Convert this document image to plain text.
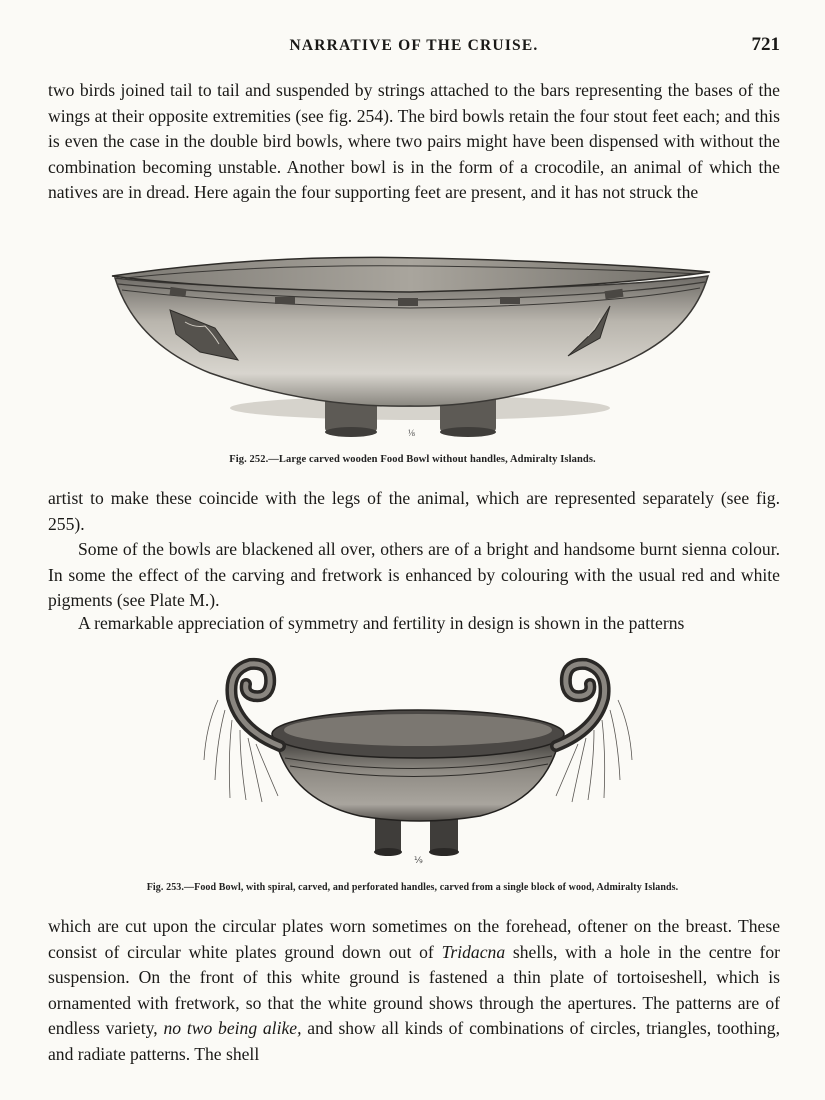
NARRATIVE OF THE CRUISE.	721

two birds joined tail to tail and suspended by strings attached to the bars representing the bases of the wings at their opposite extremities (see fig. 254). The bird bowls retain the four stout feet each; and this is even the case in the double bird bowls, where two pairs might have been dispensed with without the combination becoming unstable. Another bowl is in the form of a crocodile, an animal of which the natives are in dread. Here again the four supporting feet are present, and it has not struck the

⅛
Fig. 252.—Large carved wooden Food Bowl without handles, Admiralty Islands.

artist to make these coincide with the legs of the animal, which are represented separately (see fig. 255).

Some of the bowls are blackened all over, others are of a bright and handsome burnt sienna colour. In some the effect of the carving and fretwork is enhanced by colouring with the usual red and white pigments (see Plate M.).

A remarkable appreciation of symmetry and fertility in design is shown in the patterns

⅑
Fig. 253.—Food Bowl, with spiral, carved, and perforated handles, carved from a single block of wood, Admiralty Islands.

which are cut upon the circular plates worn sometimes on the forehead, oftener on the breast. These consist of circular white plates ground down out of Tridacna shells, with a hole in the centre for suspension. On the front of this white ground is fastened a thin plate of tortoiseshell, which is ornamented with fretwork, so that the white ground shows through the apertures. The patterns are of endless variety, no two being alike, and show all kinds of combinations of circles, triangles, toothing, and radiate patterns. The shell
